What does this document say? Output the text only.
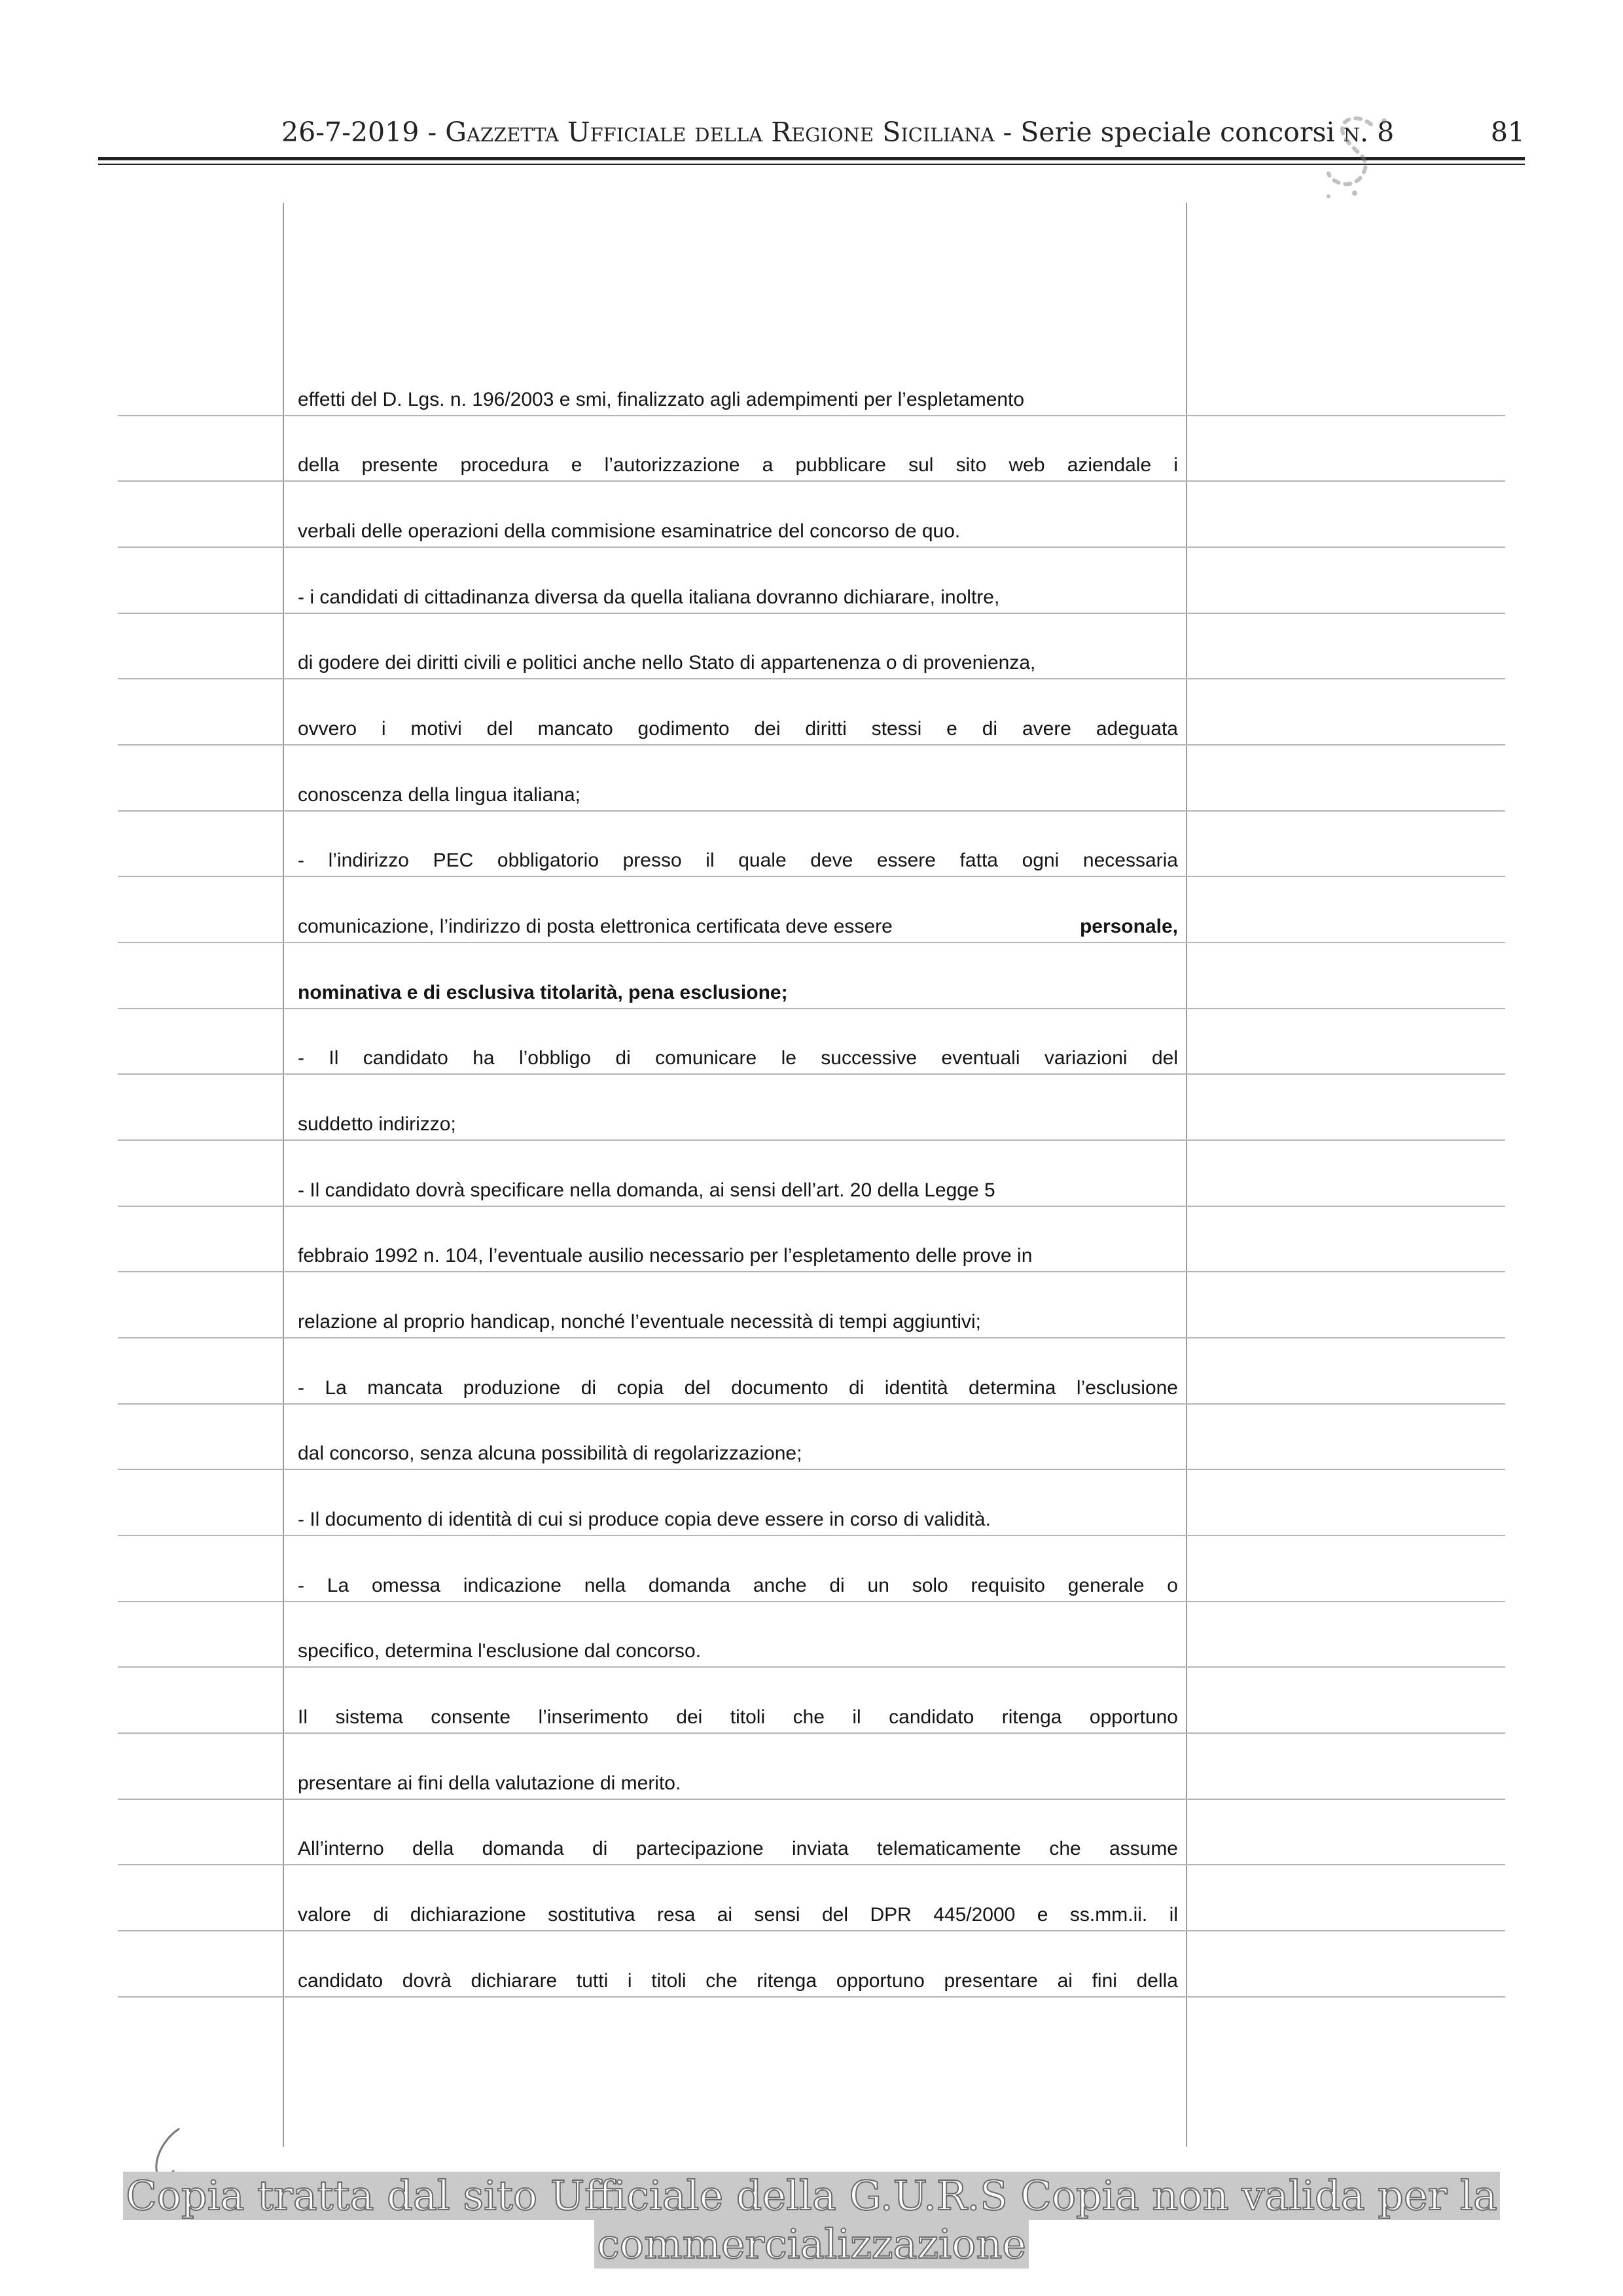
26-7-2019 - Gazzetta Ufficiale della Regione Siciliana - Serie speciale concorsi n. 8	81
effetti del D. Lgs. n. 196/2003 e smi, finalizzato agli adempimenti per l’espletamento
della presente procedura e l’autorizzazione a pubblicare sul sito web aziendale i
verbali delle operazioni della commisione esaminatrice del concorso de quo.
- i candidati di cittadinanza diversa da quella italiana dovranno dichiarare, inoltre,
di godere dei diritti civili e politici anche nello Stato di appartenenza o di provenienza,
ovvero i motivi del mancato godimento dei diritti stessi e di avere adeguata
conoscenza della lingua italiana;
- l’indirizzo PEC obbligatorio presso il quale deve essere fatta ogni necessaria
comunicazione, l’indirizzo di posta elettronica certificata deve essere	personale,
nominativa e di esclusiva titolarità, pena esclusione;
- Il candidato ha l’obbligo di comunicare le successive eventuali variazioni del
suddetto indirizzo;
- Il candidato dovrà specificare nella domanda, ai sensi dell’art. 20 della Legge 5
febbraio 1992 n. 104, l’eventuale ausilio necessario per l’espletamento delle prove in
relazione al proprio handicap, nonché l’eventuale necessità di tempi aggiuntivi;
- La mancata produzione di copia del documento di identità determina l’esclusione
dal concorso, senza alcuna possibilità di regolarizzazione;
- Il documento di identità di cui si produce copia deve essere in corso di validità.
- La omessa indicazione nella domanda anche di un solo requisito generale o
specifico, determina l'esclusione dal concorso.
Il sistema consente l’inserimento dei titoli che il candidato ritenga opportuno
presentare ai fini della valutazione di merito.
All’interno della domanda di partecipazione inviata telematicamente che assume
valore di dichiarazione sostitutiva resa ai sensi del DPR 445/2000 e ss.mm.ii. il
candidato dovrà dichiarare tutti i titoli che ritenga opportuno presentare ai fini della
Copia tratta dal sito Ufficiale della G.U.R.S Copia non valida per la
commercializzazione
